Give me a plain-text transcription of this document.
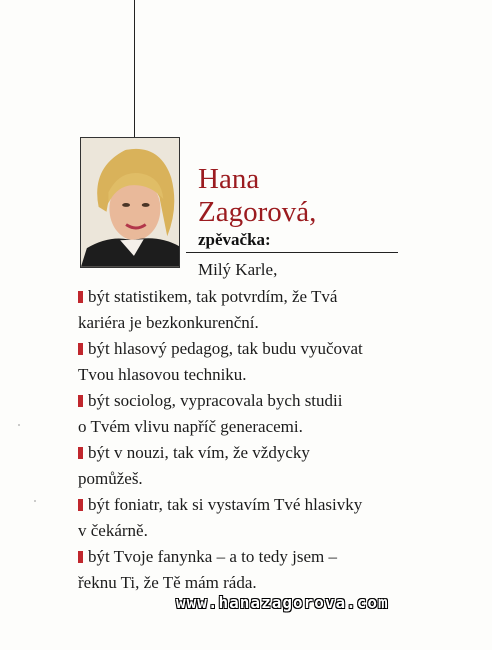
Hana
Zagorová,
zpěvačka:
Milý Karle,

být statistikem, tak potvrdím, že Tvá
kariéra je bezkonkurenční.

být hlasový pedagog, tak budu vyučovat
Tvou hlasovou techniku.

být sociolog, vypracovala bych studii
o Tvém vlivu napříč generacemi.

být v nouzi, tak vím, že vždycky
pomůžeš.

být foniatr, tak si vystavím Tvé hlasivky
v čekárně.

být Tvoje fanynka – a to tedy jsem –
řeknu Ti, že Tě mám ráda.

www.hanazagorova.com
